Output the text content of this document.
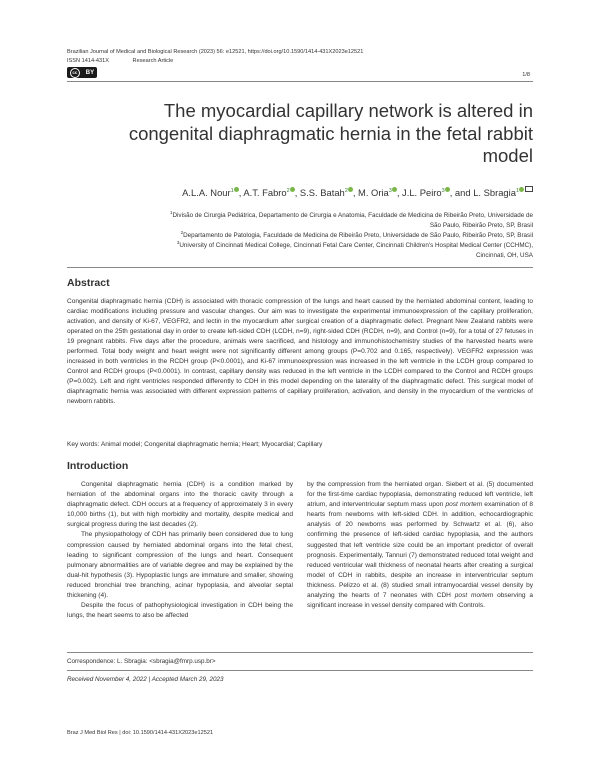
Brazilian Journal of Medical and Biological Research (2023) 56: e12521, https://doi.org/10.1590/1414-431X2023e12521
ISSN 1414-431X	Research Article
cc	BY	1/8
The myocardial capillary network is altered in congenital diaphragmatic hernia in the fetal rabbit model
A.L.A. Nour$^1$ , A.T. Fabro$^2$ , S.S. Batah$^2$ , M. Oria$^3$ , J.L. Peiro$^3$ , and L. Sbragia$^1$
$^1$Divisão de Cirurgia Pediátrica, Departamento de Cirurgia e Anatomia, Faculdade de Medicina de Ribeirão Preto, Universidade de
São Paulo, Ribeirão Preto, SP, Brasil
$^2$Departamento de Patologia, Faculdade de Medicina de Ribeirão Preto, Universidade de São Paulo, Ribeirão Preto, SP, Brasil
$^3$University of Cincinnati Medical College, Cincinnati Fetal Care Center, Cincinnati Children's Hospital Medical Center (CCHMC),
Cincinnati, OH, USA
Abstract
Congenital diaphragmatic hernia (CDH) is associated with thoracic compression of the lungs and heart caused by the herniated abdominal content, leading to cardiac modifications including pressure and vascular changes. Our aim was to investigate the experimental immunoexpression of the capillary proliferation, activation, and density of Ki-67, VEGFR2, and lectin in the myocardium after surgical creation of a diaphragmatic defect. Pregnant New Zealand rabbits were operated on the 25th gestational day in order to create left-sided CDH (LCDH, n=9), right-sided CDH (RCDH, n=9), and Control (n=9), for a total of 27 fetuses in 19 pregnant rabbits. Five days after the procedure, animals were sacrificed, and histology and immunohistochemistry studies of the harvested hearts were performed. Total body weight and heart weight were not significantly different among groups (P=0.702 and 0.165, respectively). VEGFR2 expression was increased in both ventricles in the RCDH group (P<0.0001), and Ki-67 immunoexpression was increased in the left ventricle in the LCDH group compared to Control and RCDH groups (P<0.0001). In contrast, capillary density was reduced in the left ventricle in the LCDH compared to the Control and RCDH groups (P=0.002). Left and right ventricles responded differently to CDH in this model depending on the laterality of the diaphragmatic defect. This surgical model of diaphragmatic hernia was associated with different expression patterns of capillary proliferation, activation, and density in the myocardium of the ventricles of newborn rabbits.
Key words: Animal model; Congenital diaphragmatic hernia; Heart; Myocardial; Capillary
Introduction

Congenital diaphragmatic hernia (CDH) is a condition marked by herniation of the abdominal organs into the thoracic cavity through a diaphragmatic defect. CDH occurs at a frequency of approximately 3 in every 10,000 births (1), but with high morbidity and mortality, despite medical and surgical progress during the last decades (2).

The physiopathology of CDH has primarily been considered due to lung compression caused by herniated abdominal organs into the fetal chest, leading to significant compression of the lungs and heart. Consequent pulmonary abnormalities are of variable degree and may be explained by the dual-hit hypothesis (3). Hypoplastic lungs are immature and smaller, showing reduced bronchial tree branching, acinar hypoplasia, and alveolar septal thickening (4).

Despite the focus of pathophysiological investigation in CDH being the lungs, the heart seems to also be affected

by the compression from the herniated organ. Siebert et al. (5) documented for the first-time cardiac hypoplasia, demonstrating reduced left ventricle, left atrium, and interventricular septum mass upon post mortem examination of 8 hearts from newborns with left-sided CDH. In addition, echocardiographic analysis of 20 newborns was performed by Schwartz et al. (6), also confirming the presence of left-sided cardiac hypoplasia, and the authors suggested that left ventricle size could be an important predictor of overall prognosis. Experimentally, Tannuri (7) demonstrated reduced total weight and reduced ventricular wall thickness of neonatal hearts after creating a surgical model of CDH in rabbits, despite an increase in interventricular septum thickness. Pelizzo et al. (8) studied small intramyocardial vessel density by analyzing the hearts of 7 neonates with CDH post mortem observing a significant increase in vessel density compared with Controls.

Correspondence: L. Sbragia: <sbragia@fmrp.usp.br>
Received November 4, 2022 | Accepted March 29, 2023
Braz J Med Biol Res | doi: 10.1590/1414-431X2023e12521
